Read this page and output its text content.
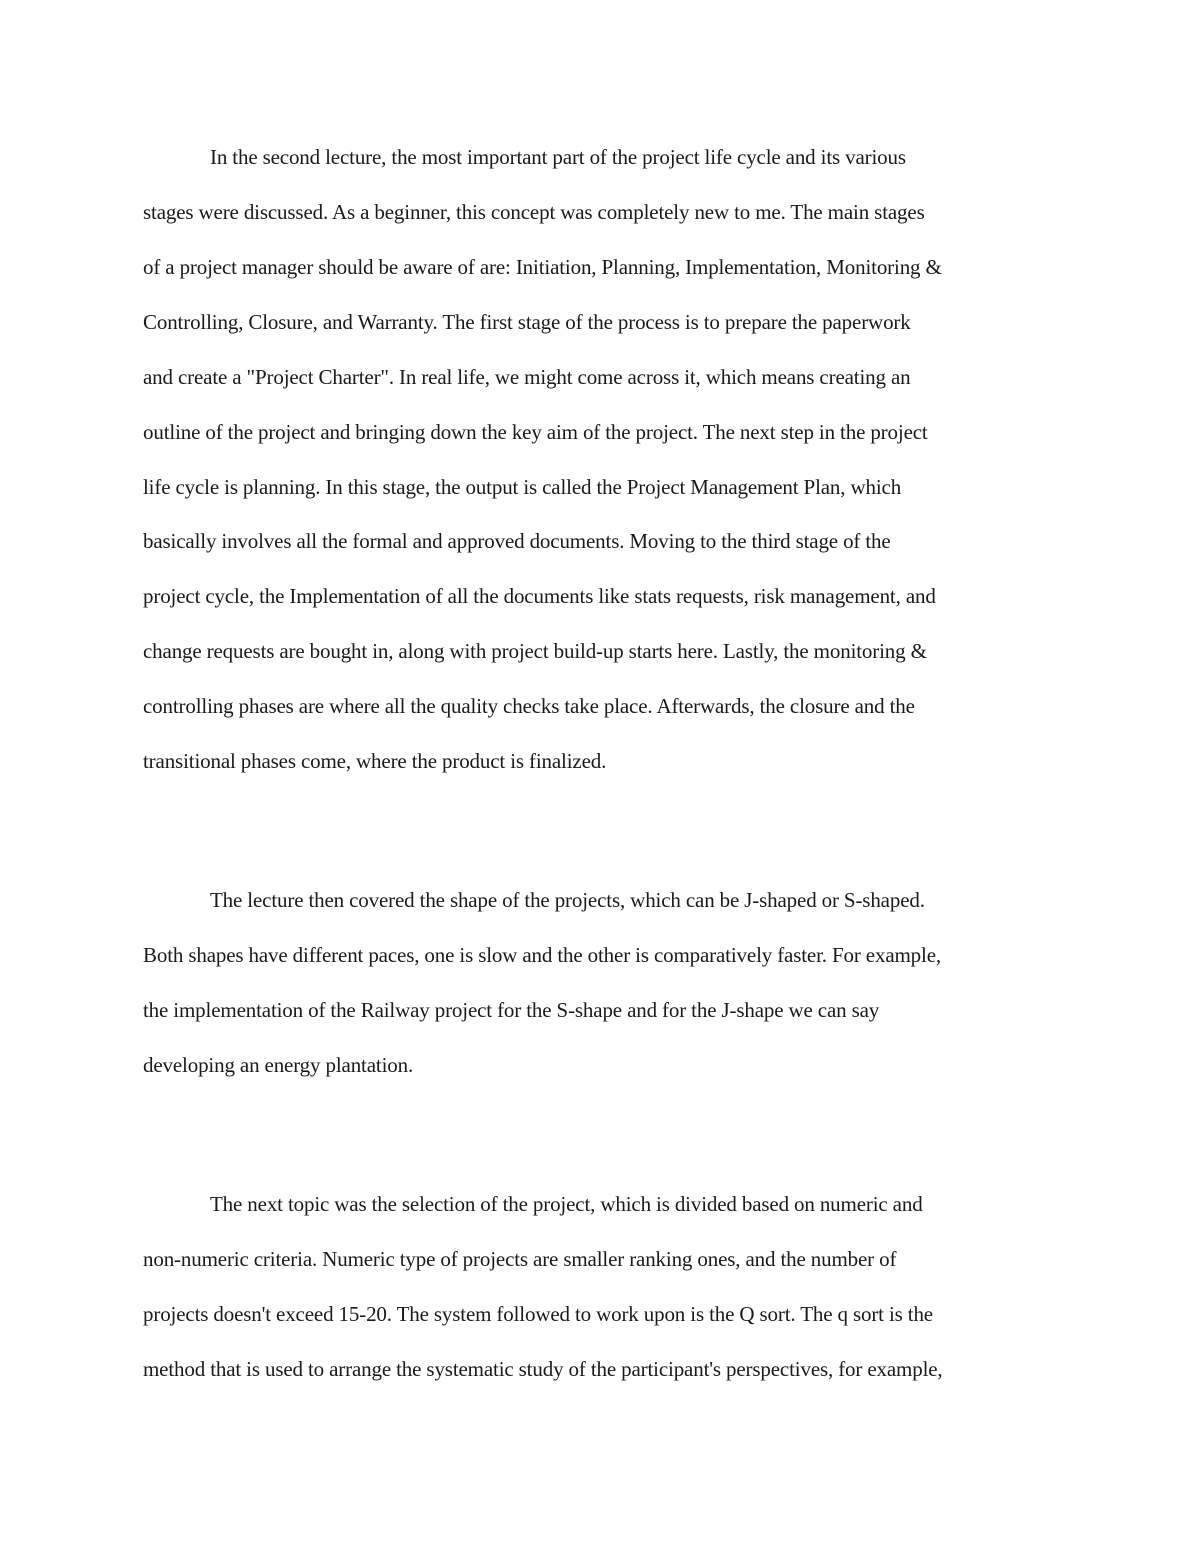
In the second lecture, the most important part of the project life cycle and its various
stages were discussed. As a beginner, this concept was completely new to me. The main stages
of a project manager should be aware of are: Initiation, Planning, Implementation, Monitoring &
Controlling, Closure, and Warranty. The first stage of the process is to prepare the paperwork
and create a "Project Charter". In real life, we might come across it, which means creating an
outline of the project and bringing down the key aim of the project. The next step in the project
life cycle is planning. In this stage, the output is called the Project Management Plan, which
basically involves all the formal and approved documents. Moving to the third stage of the
project cycle, the Implementation of all the documents like stats requests, risk management, and
change requests are bought in, along with project build-up starts here. Lastly, the monitoring &
controlling phases are where all the quality checks take place. Afterwards, the closure and the
transitional phases come, where the product is finalized.
The lecture then covered the shape of the projects, which can be J-shaped or S-shaped.
Both shapes have different paces, one is slow and the other is comparatively faster. For example,
the implementation of the Railway project for the S-shape and for the J-shape we can say
developing an energy plantation.
The next topic was the selection of the project, which is divided based on numeric and
non-numeric criteria. Numeric type of projects are smaller ranking ones, and the number of
projects doesn't exceed 15-20. The system followed to work upon is the Q sort. The q sort is the
method that is used to arrange the systematic study of the participant's perspectives, for example,
